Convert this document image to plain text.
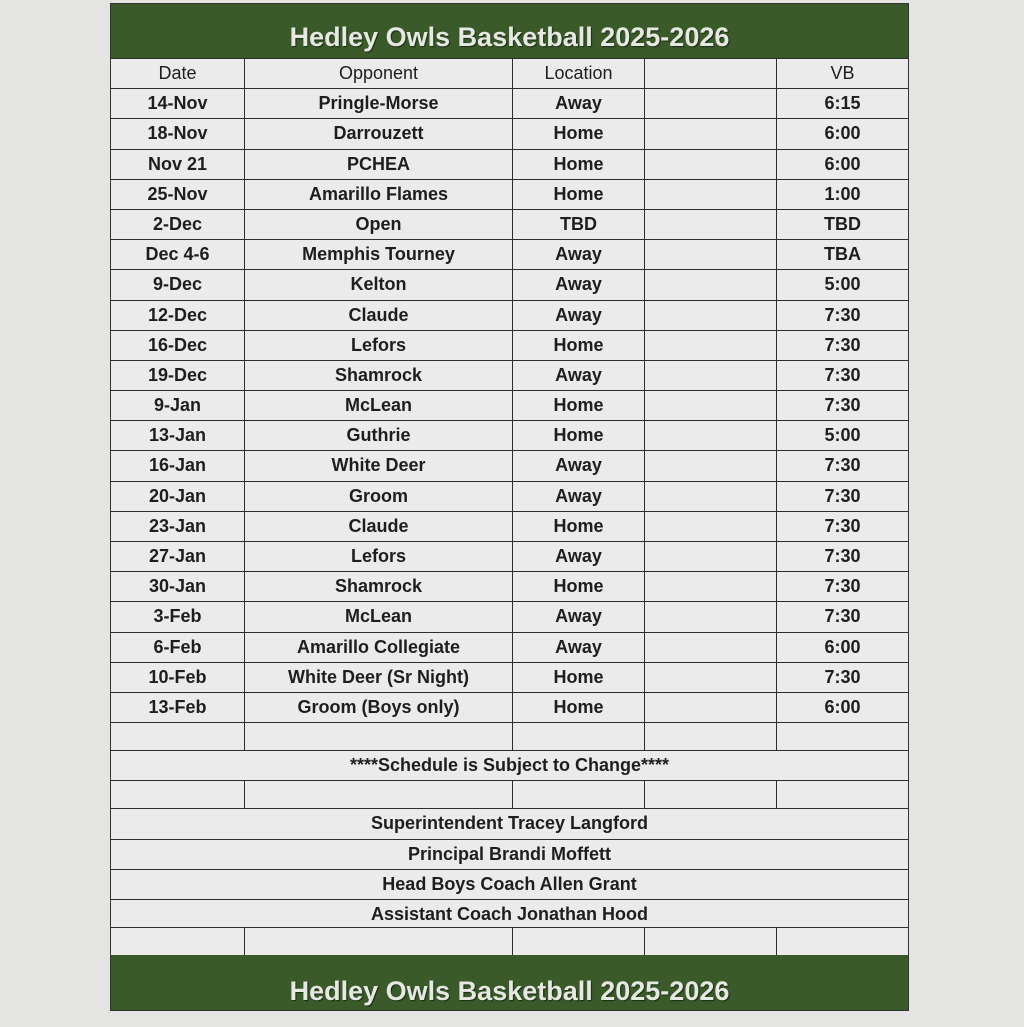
Hedley Owls Basketball 2025-2026
Date	Opponent	Location	VB
14-Nov	Pringle-Morse	Away	6:15
18-Nov	Darrouzett	Home	6:00
Nov 21	PCHEA	Home	6:00
25-Nov	Amarillo Flames	Home	1:00
2-Dec	Open	TBD	TBD
Dec 4-6	Memphis Tourney	Away	TBA
9-Dec	Kelton	Away	5:00
12-Dec	Claude	Away	7:30
16-Dec	Lefors	Home	7:30
19-Dec	Shamrock	Away	7:30
9-Jan	McLean	Home	7:30
13-Jan	Guthrie	Home	5:00
16-Jan	White Deer	Away	7:30
20-Jan	Groom	Away	7:30
23-Jan	Claude	Home	7:30
27-Jan	Lefors	Away	7:30
30-Jan	Shamrock	Home	7:30
3-Feb	McLean	Away	7:30
6-Feb	Amarillo Collegiate	Away	6:00
10-Feb	White Deer (Sr Night)	Home	7:30
13-Feb	Groom (Boys only)	Home	6:00
****Schedule is Subject to Change****
Superintendent Tracey Langford
Principal Brandi Moffett
Head Boys Coach Allen Grant
Assistant Coach Jonathan Hood
Hedley Owls Basketball 2025-2026
